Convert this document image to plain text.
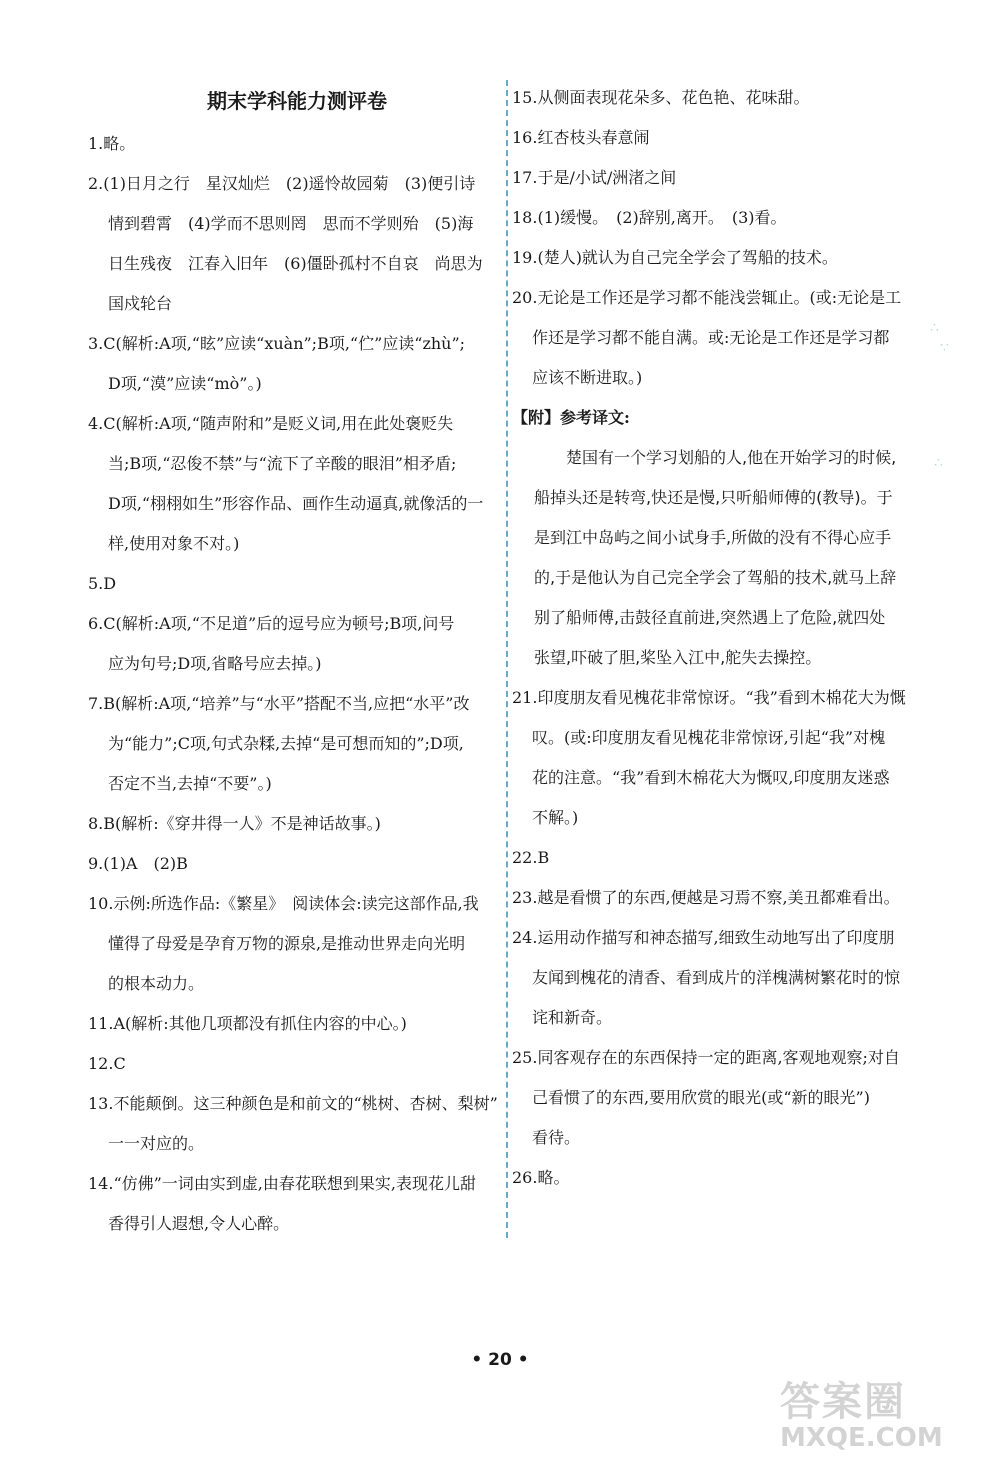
期末学科能力测评卷
1.略。
2.(1)日月之行　星汉灿烂　(2)遥怜故园菊　(3)便引诗
情到碧霄　(4)学而不思则罔　思而不学则殆　(5)海
日生残夜　江春入旧年　(6)僵卧孤村不自哀　尚思为
国戍轮台
3.C(解析:A项,“眩”应读“xuàn”;B项,“伫”应读“zhù”;
D项,“漠”应读“mò”。)
4.C(解析:A项,“随声附和”是贬义词,用在此处褒贬失
当;B项,“忍俊不禁”与“流下了辛酸的眼泪”相矛盾;
D项,“栩栩如生”形容作品、画作生动逼真,就像活的一
样,使用对象不对。)
5.D
6.C(解析:A项,“不足道”后的逗号应为顿号;B项,问号
应为句号;D项,省略号应去掉。)
7.B(解析:A项,“培养”与“水平”搭配不当,应把“水平”改
为“能力”;C项,句式杂糅,去掉“是可想而知的”;D项,
否定不当,去掉“不要”。)
8.B(解析:《穿井得一人》不是神话故事。)
9.(1)A　(2)B
10.示例:所选作品:《繁星》　阅读体会:读完这部作品,我
懂得了母爱是孕育万物的源泉,是推动世界走向光明
的根本动力。
11.A(解析:其他几项都没有抓住内容的中心。)
12.C
13.不能颠倒。这三种颜色是和前文的“桃树、杏树、梨树”
一一对应的。
14.“仿佛”一词由实到虚,由春花联想到果实,表现花儿甜
香得引人遐想,令人心醉。
15.从侧面表现花朵多、花色艳、花味甜。
16.红杏枝头春意闹
17.于是/小试/洲渚之间
18.(1)缓慢。　(2)辞别,离开。　(3)看。
19.(楚人)就认为自己完全学会了驾船的技术。
20.无论是工作还是学习都不能浅尝辄止。(或:无论是工
作还是学习都不能自满。或:无论是工作还是学习都
应该不断进取。)
【附】参考译文:
楚国有一个学习划船的人,他在开始学习的时候,
船掉头还是转弯,快还是慢,只听船师傅的(教导)。于
是到江中岛屿之间小试身手,所做的没有不得心应手
的,于是他认为自己完全学会了驾船的技术,就马上辞
别了船师傅,击鼓径直前进,突然遇上了危险,就四处
张望,吓破了胆,桨坠入江中,舵失去操控。
21.印度朋友看见槐花非常惊讶。“我”看到木棉花大为慨
叹。(或:印度朋友看见槐花非常惊讶,引起“我”对槐
花的注意。“我”看到木棉花大为慨叹,印度朋友迷惑
不解。)
22.B
23.越是看惯了的东西,便越是习焉不察,美丑都难看出。
24.运用动作描写和神态描写,细致生动地写出了印度朋
友闻到槐花的清香、看到成片的洋槐满树繁花时的惊
诧和新奇。
25.同客观存在的东西保持一定的距离,客观地观察;对自
己看惯了的东西,要用欣赏的眼光(或“新的眼光”)
看待。
26.略。
∴
∵
∴
• 20 •
答案圈
MXQE.COM
